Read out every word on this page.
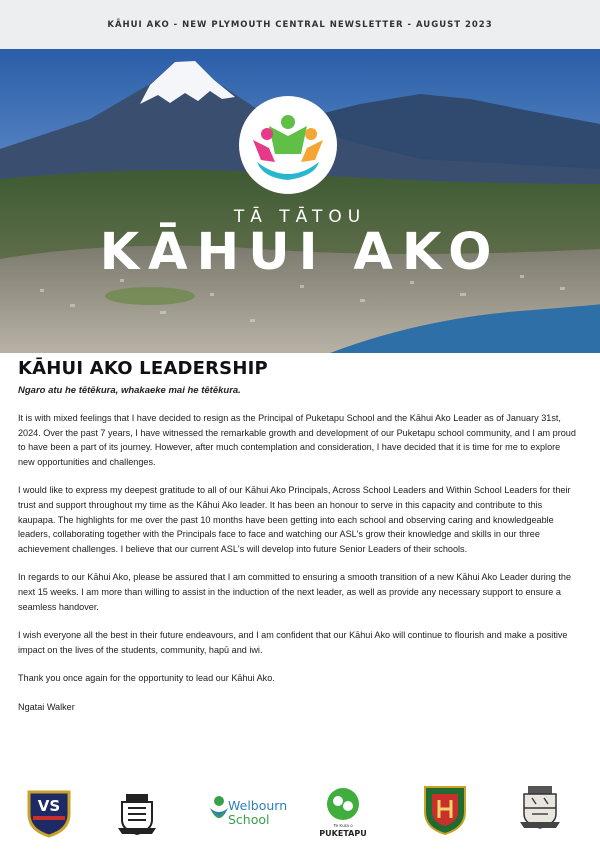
KĀHUI AKO - NEW PLYMOUTH CENTRAL NEWSLETTER - AUGUST 2023
TĀ TĀTOU
KĀHUI AKO
KĀHUI AKO LEADERSHIP
Ngaro atu he tētēkura, whakaeke mai he tētēkura.

It is with mixed feelings that I have decided to resign as the Principal of Puketapu School and the Kāhui Ako Leader as of January 31st, 2024. Over the past 7 years, I have witnessed the remarkable growth and development of our Puketapu school community, and I am proud to have been a part of its journey. However, after much contemplation and consideration, I have decided that it is time for me to explore new opportunities and challenges.

I would like to express my deepest gratitude to all of our Kāhui Ako Principals, Across School Leaders and Within School Leaders for their trust and support throughout my time as the Kāhui Ako leader. It has been an honour to serve in this capacity and contribute to this kaupapa. The highlights for me over the past 10 months have been getting into each school and observing caring and knowledgeable leaders, collaborating together with the Principals face to face and watching our ASL's grow their knowledge and skills in our three achievement challenges. I believe that our current ASL's will develop into future Senior Leaders of their schools.

In regards to our Kāhui Ako, please be assured that I am committed to ensuring a smooth transition of a new Kāhui Ako Leader during the next 15 weeks. I am more than willing to assist in the induction of the next leader, as well as provide any necessary support to ensure a seamless handover.

I wish everyone all the best in their future endeavours, and I am confident that our Kāhui Ako will continue to flourish and make a positive impact on the lives of the students, community, hapū and iwi.

Thank you once again for the opportunity to lead our Kāhui Ako.

Ngatai Walker

VS	Welbourn
School	Te Kura o
PUKETAPU
